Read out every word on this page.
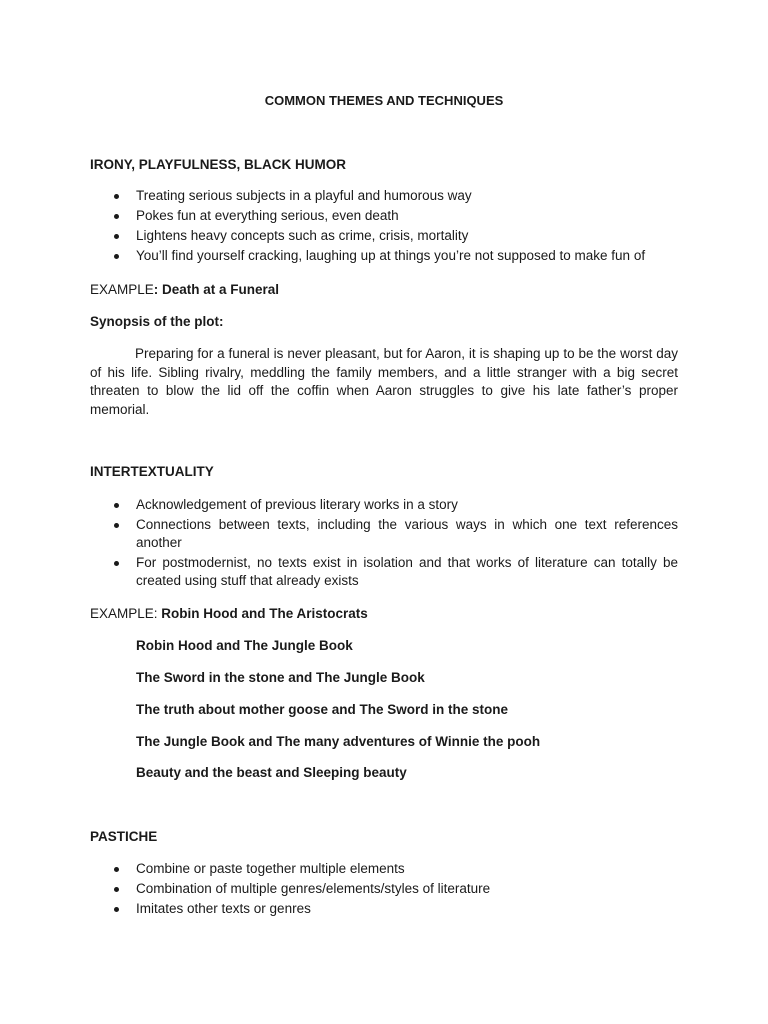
COMMON THEMES AND TECHNIQUES
IRONY, PLAYFULNESS, BLACK HUMOR
Treating serious subjects in a playful and humorous way
Pokes fun at everything serious, even death
Lightens heavy concepts such as crime, crisis, mortality
You’ll find yourself cracking, laughing up at things you’re not supposed to make fun of
EXAMPLE: Death at a Funeral
Synopsis of the plot:
Preparing for a funeral is never pleasant, but for Aaron, it is shaping up to be the worst day of his life. Sibling rivalry, meddling the family members, and a little stranger with a big secret threaten to blow the lid off the coffin when Aaron struggles to give his late father’s proper memorial.
INTERTEXTUALITY
Acknowledgement of previous literary works in a story
Connections between texts, including the various ways in which one text references another
For postmodernist, no texts exist in isolation and that works of literature can totally be created using stuff that already exists
EXAMPLE: Robin Hood and The Aristocrats
Robin Hood and The Jungle Book
The Sword in the stone and The Jungle Book
The truth about mother goose and The Sword in the stone
The Jungle Book and The many adventures of Winnie the pooh
Beauty and the beast and Sleeping beauty
PASTICHE
Combine or paste together multiple elements
Combination of multiple genres/elements/styles of literature
Imitates other texts or genres
